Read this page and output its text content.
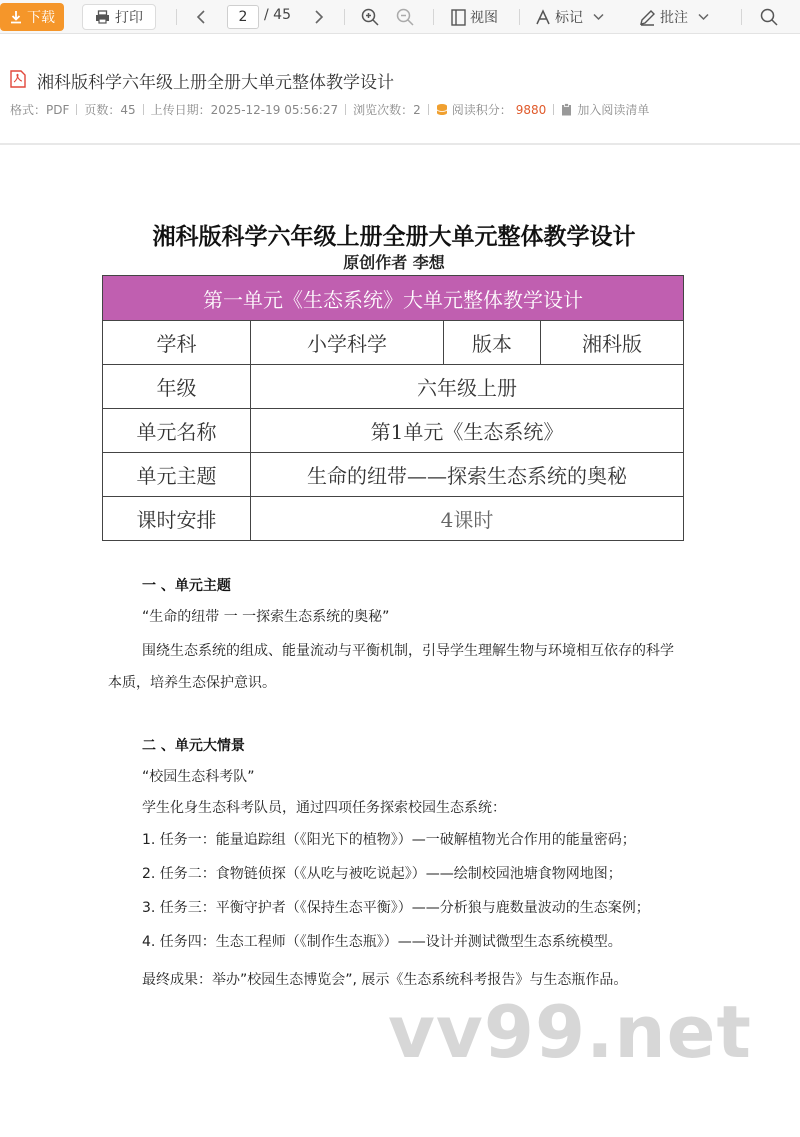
下载	打印	2	/ 45	视图	标记	批注
湘科版科学六年级上册全册大单元整体教学设计
格式：PDF 页数：45 上传日期：2025-12-19 05:56:27 浏览次数：2	阅读积分： 9880	加入阅读清单
湘科版科学六年级上册全册大单元整体教学设计
原创作者 李想
第一单元《生态系统》大单元整体教学设计			
学科	小学科学	版本	湘科版
年级	六年级上册		
单元名称	第1单元《生态系统》		
单元主题	生命的纽带——探索生态系统的奥秘		
课时安排	4课时		
一 、单元主题
“生命的纽带 一 一探索生态系统的奥秘”
围绕生态系统的组成、能量流动与平衡机制，引导学生理解生物与环境相互依存的科学本质，培养生态保护意识。
二 、单元大情景
“校园生态科考队”
学生化身生态科考队员，通过四项任务探索校园生态系统：
1. 任务一：能量追踪组（《阳光下的植物》）—一破解植物光合作用的能量密码；
2. 任务二：食物链侦探（《从吃与被吃说起》）——绘制校园池塘食物网地图；
3. 任务三：平衡守护者（《保持生态平衡》）——分析狼与鹿数量波动的生态案例；
4. 任务四：生态工程师（《制作生态瓶》）——设计并测试微型生态系统模型。
最终成果：举办”校园生态博览会”, 展示《生态系统科考报告》与生态瓶作品。
vv99.net
